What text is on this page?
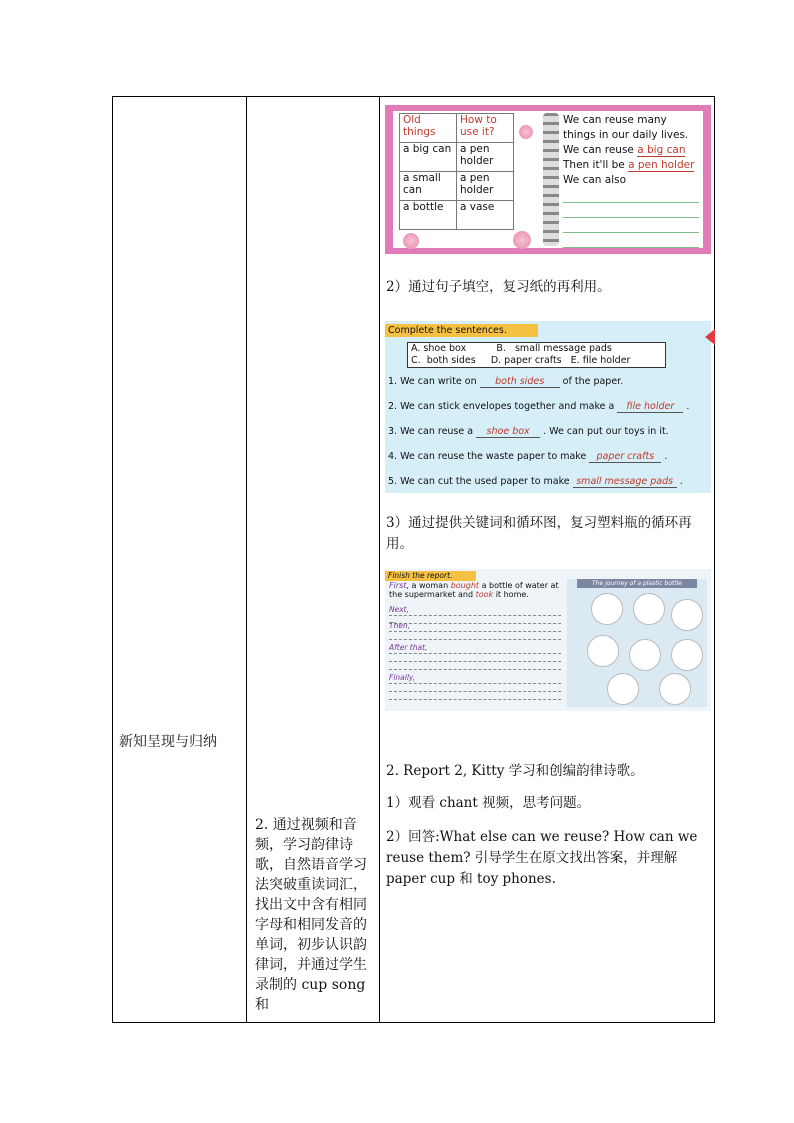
新知呈现与归纳

2. 通过视频和音频，学习韵律诗歌，自然语音学习法突破重读词汇，找出文中含有相同字母和相同发音的单词，初步认识韵律词，并通过学生录制的 cup song 和

Old things	How to use it?
a big can	a pen holder
a small can	a pen holder
a bottle	a vase
We can reuse many things in our daily lives.
We can reuse a big can
Then it'll be a pen holder
We can also
2）通过句子填空，复习纸的再利用。
Complete the sentences.
A. shoe box          B.   small message pads
C.  both sides     D. paper crafts   E. file holder
1. We can write on both sides of the paper.
2. We can stick envelopes together and make a file holder .
3. We can reuse a shoe box . We can put our toys in it.
4. We can reuse the waste paper to make paper crafts .
5. We can cut the used paper to make small message pads .
3）通过提供关键词和循环图，复习塑料瓶的循环再用。
Finish the report.
First, a woman bought a bottle of water at the supermarket and took it home.
Next,
Then,
After that,
Finally,
The journey of a plastic bottle
2. Report 2, Kitty 学习和创编韵律诗歌。
1）观看 chant 视频，思考问题。
2）回答:What else can we reuse? How can we reuse them? 引导学生在原文找出答案，并理解 paper cup 和 toy phones.
